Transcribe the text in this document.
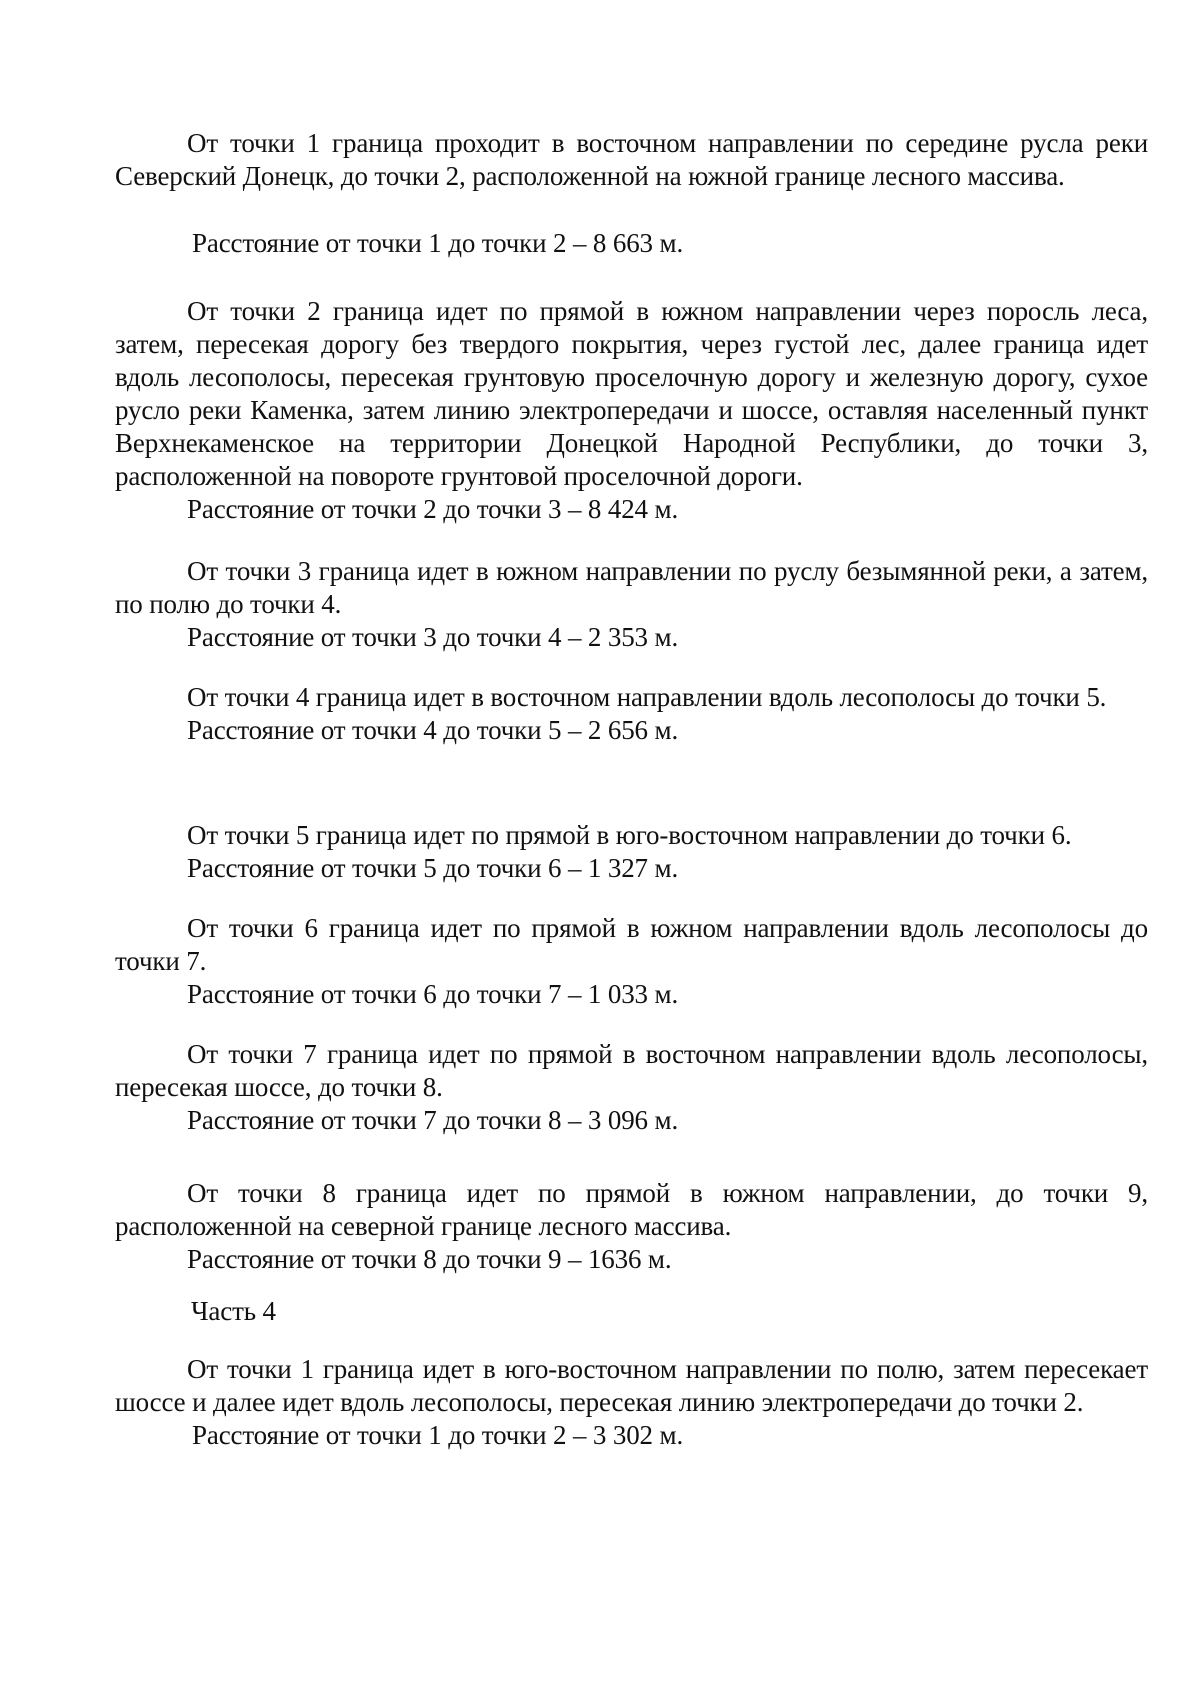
От точки 1 граница проходит в восточном направлении по середине русла реки Северский Донецк, до точки 2, расположенной на южной границе лесного массива.

Расстояние от точки 1 до точки 2 – 8 663 м.

От точки 2 граница идет по прямой в южном направлении через поросль леса, затем, пересекая дорогу без твердого покрытия, через густой лес, далее граница идет вдоль лесополосы, пересекая грунтовую проселочную дорогу и железную дорогу, сухое русло реки Каменка, затем линию электропередачи и шоссе, оставляя населенный пункт Верхнекаменское на территории Донецкой Народной Республики, до точки 3, расположенной на повороте грунтовой проселочной дороги.

Расстояние от точки 2 до точки 3 – 8 424 м.

От точки 3 граница идет в южном направлении по руслу безымянной реки, а затем, по полю до точки 4.

Расстояние от точки 3 до точки 4 – 2 353 м.

От точки 4 граница идет в восточном направлении вдоль лесополосы до точки 5.

Расстояние от точки 4 до точки 5 – 2 656 м.

От точки 5 граница идет по прямой в юго-восточном направлении до точки 6.

Расстояние от точки 5 до точки 6 – 1 327 м.

От точки 6 граница идет по прямой в южном направлении вдоль лесополосы до точки 7.

Расстояние от точки 6 до точки 7 – 1 033 м.

От точки 7 граница идет по прямой в восточном направлении вдоль лесополосы, пересекая шоссе, до точки 8.

Расстояние от точки 7 до точки 8 – 3 096 м.

От точки 8 граница идет по прямой в южном направлении, до точки 9, расположенной на северной границе лесного массива.

Расстояние от точки 8 до точки 9 – 1636 м.

Часть 4

От точки 1 граница идет в юго-восточном направлении по полю, затем пересекает шоссе и далее идет вдоль лесополосы, пересекая линию электропередачи до точки 2.

Расстояние от точки 1 до точки 2 – 3 302 м.
